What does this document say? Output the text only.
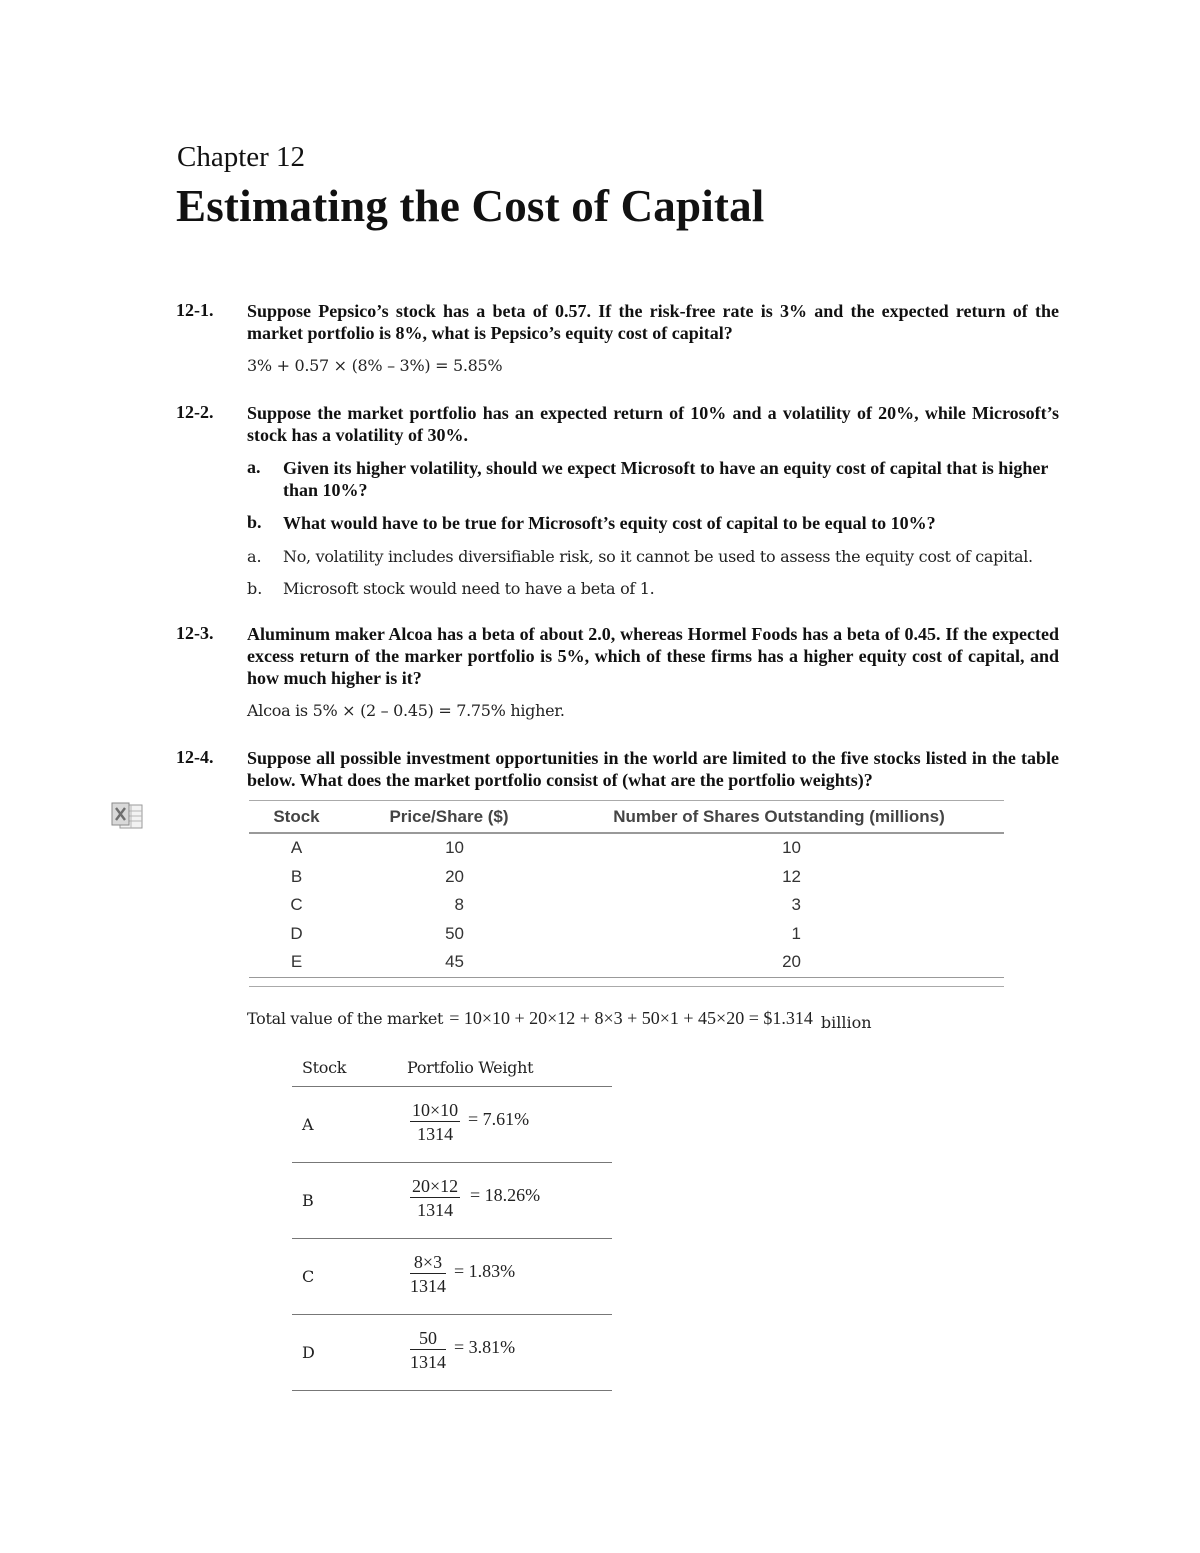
Chapter 12
Estimating the Cost of Capital
12-1. Suppose Pepsico’s stock has a beta of 0.57. If the risk-free rate is 3% and the expected return of the market portfolio is 8%, what is Pepsico’s equity cost of capital?
3% + 0.57 × (8% – 3%) = 5.85%
12-2. Suppose the market portfolio has an expected return of 10% and a volatility of 20%, while Microsoft’s stock has a volatility of 30%.
a. Given its higher volatility, should we expect Microsoft to have an equity cost of capital that is higher than 10%?
b. What would have to be true for Microsoft’s equity cost of capital to be equal to 10%?
a. No, volatility includes diversifiable risk, so it cannot be used to assess the equity cost of capital.
b. Microsoft stock would need to have a beta of 1.
12-3. Aluminum maker Alcoa has a beta of about 2.0, whereas Hormel Foods has a beta of 0.45. If the expected excess return of the marker portfolio is 5%, which of these firms has a higher equity cost of capital, and how much higher is it?
Alcoa is 5% × (2 – 0.45) = 7.75% higher.
12-4. Suppose all possible investment opportunities in the world are limited to the five stocks listed in the table below. What does the market portfolio consist of (what are the portfolio weights)?
Stock	Price/Share ($)	Number of Shares Outstanding (millions)
A	10	10
B	20	12
C	8	3
D	50	1
E	45	20
Total value of the market = 10×10 + 20×12 + 8×3 + 50×1 + 45×20 = $1.314 billion
Stock	Portfolio Weight
A	$\frac{10\times 10}{1314} = 7.61\%$
B	$\frac{20\times 12}{1314} = 18.26\%$
C	$\frac{8\times 3}{1314} = 1.83\%$
D	$\frac{50}{1314} = 3.81\%$
